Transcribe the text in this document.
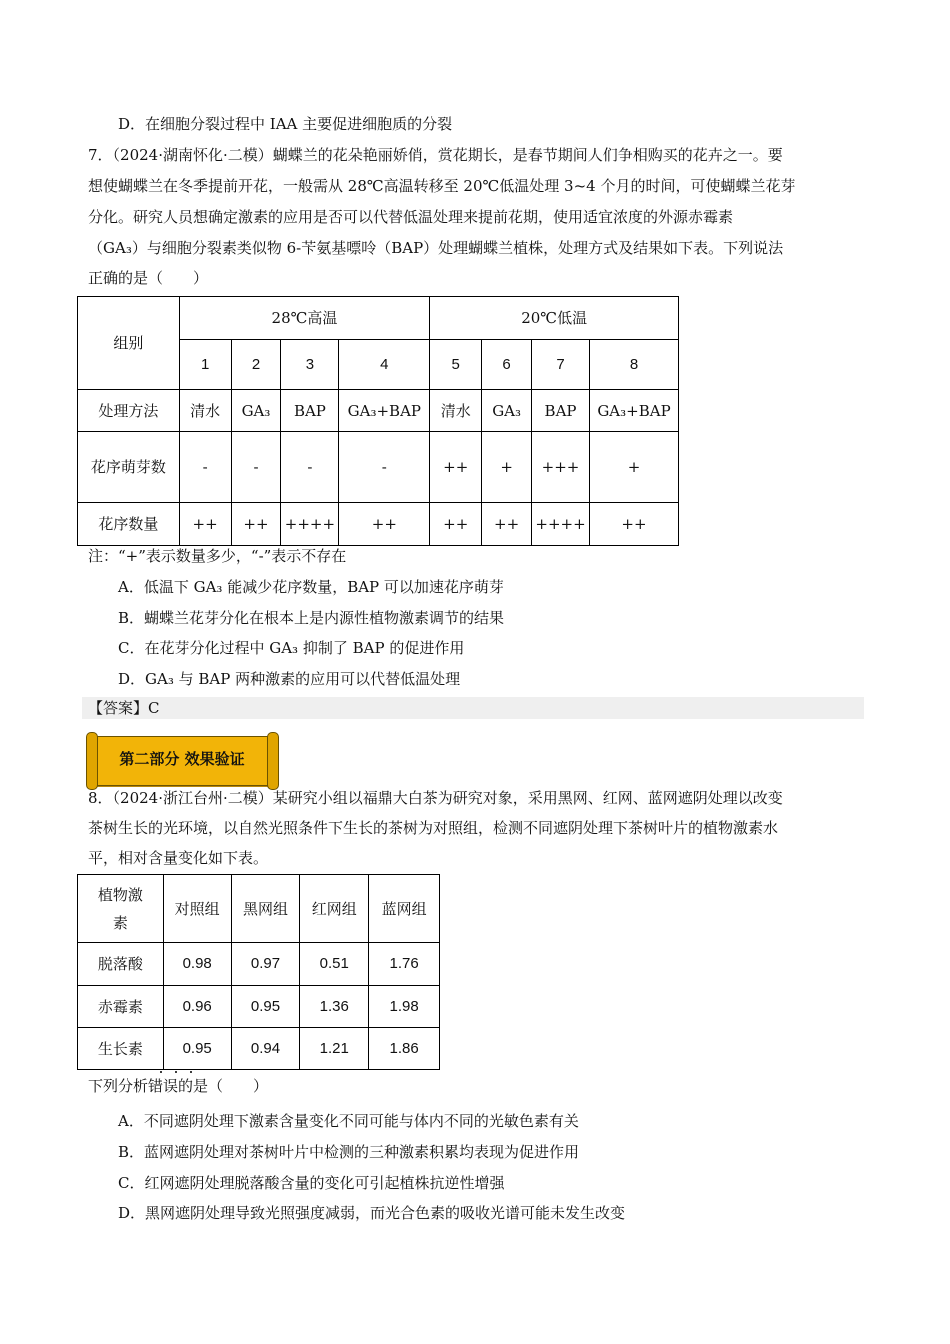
D．在细胞分裂过程中 IAA 主要促进细胞质的分裂
7．（2024·湖南怀化·二模）蝴蝶兰的花朵艳丽娇俏，赏花期长，是春节期间人们争相购买的花卉之一。要
想使蝴蝶兰在冬季提前开花，一般需从 28℃高温转移至 20℃低温处理 3~4 个月的时间，可使蝴蝶兰花芽
分化。研究人员想确定激素的应用是否可以代替低温处理来提前花期，使用适宜浓度的外源赤霉素
（GA₃）与细胞分裂素类似物 6-苄氨基嘌呤（BAP）处理蝴蝶兰植株，处理方式及结果如下表。下列说法
正确的是（　　）
组别	28℃高温				20℃低温			
	1	2	3	4	5	6	7	8
处理方法	清水	GA₃	BAP	GA₃+BAP	清水	GA₃	BAP	GA₃+BAP
花序萌芽数	-	-	-	-	++	+	+++	+
花序数量	++	++	++++	++	++	++	++++	++
注：“+”表示数量多少，“-”表示不存在
A．低温下 GA₃ 能减少花序数量，BAP 可以加速花序萌芽
B．蝴蝶兰花芽分化在根本上是内源性植物激素调节的结果
C．在花芽分化过程中 GA₃ 抑制了 BAP 的促进作用
D．GA₃ 与 BAP 两种激素的应用可以代替低温处理
【答案】C
第二部分 效果验证
8．（2024·浙江台州·二模）某研究小组以福鼎大白茶为研究对象，采用黑网、红网、蓝网遮阴处理以改变
茶树生长的光环境，以自然光照条件下生长的茶树为对照组，检测不同遮阴处理下茶树叶片的植物激素水
平，相对含量变化如下表。
植物激素	对照组	黑网组	红网组	蓝网组
脱落酸	0.98	0.97	0.51	1.76
赤霉素	0.96	0.95	1.36	1.98
生长素	0.95	0.94	1.21	1.86
下列分析错误的是（　　）
A．不同遮阴处理下激素含量变化不同可能与体内不同的光敏色素有关
B．蓝网遮阴处理对茶树叶片中检测的三种激素积累均表现为促进作用
C．红网遮阴处理脱落酸含量的变化可引起植株抗逆性增强
D．黑网遮阴处理导致光照强度减弱，而光合色素的吸收光谱可能未发生改变
